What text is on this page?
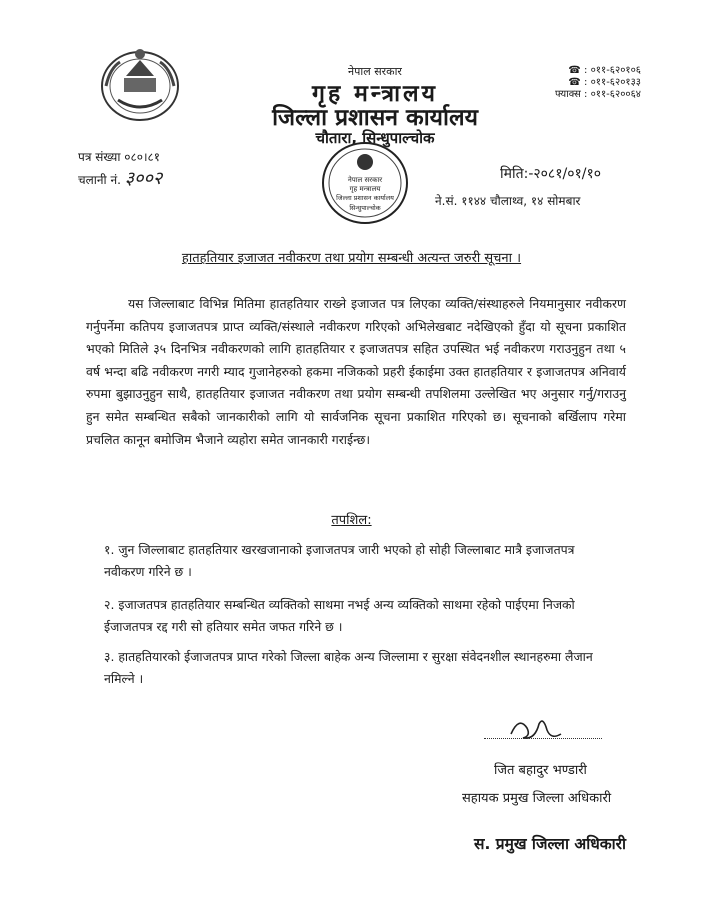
नेपाल सरकार
गृह मन्त्रालय
जिल्ला प्रशासन कार्यालय
चौतारा, सिन्धुपाल्चोक
☎ : ०११-६२०१०६
☎ : ०११-६२०१३३
फ्याक्स : ०११-६२००६४
पत्र संख्या ०८०।८१
चलानी नं. ३००२	नेपाल सरकार
गृह मन्त्रालय
जिल्ला प्रशासन कार्यालय
सिन्धुपाल्चोक
मिति:-२०८१/०१/१०
ने.सं. ११४४ चौलाथ्व, १४ सोमबार
हातहतियार इजाजत नवीकरण तथा प्रयोग सम्बन्धी अत्यन्त जरुरी सूचना ।
यस जिल्लाबाट विभिन्न मितिमा हातहतियार राख्ने इजाजत पत्र लिएका व्यक्ति/संस्थाहरुले नियमानुसार नवीकरण गर्नुपर्नेमा कतिपय इजाजतपत्र प्राप्त व्यक्ति/संस्थाले नवीकरण गरिएको अभिलेखबाट नदेखिएको हुँदा यो सूचना प्रकाशित भएको मितिले ३५ दिनभित्र नवीकरणको लागि हातहतियार र इजाजतपत्र सहित उपस्थित भई नवीकरण गराउनुहुन तथा ५ वर्ष भन्दा बढि नवीकरण नगरी म्याद गुजानेहरुको हकमा नजिकको प्रहरी ईकाईमा उक्त हातहतियार र इजाजतपत्र अनिवार्य रुपमा बुझाउनुहुन साथै, हातहतियार इजाजत नवीकरण तथा प्रयोग सम्बन्धी तपशिलमा उल्लेखित भए अनुसार गर्नु/गराउनु हुन समेत सम्बन्धित सबैको जानकारीको लागि यो सार्वजनिक सूचना प्रकाशित गरिएको छ। सूचनाको बर्खिलाप गरेमा प्रचलित कानून बमोजिम भैजाने व्यहोरा समेत जानकारी गराईन्छ।
तपशिल:
१. जुन जिल्लाबाट हातहतियार खरखजानाको इजाजतपत्र जारी भएको हो सोही जिल्लाबाट मात्रै इजाजतपत्र नवीकरण गरिने छ ।
२. इजाजतपत्र हातहतियार सम्बन्धित व्यक्तिको साथमा नभई अन्य व्यक्तिको साथमा रहेको पाईएमा निजको ईजाजतपत्र रद्द गरी सो हतियार समेत जफत गरिने छ ।
३. हातहतियारको ईजाजतपत्र प्राप्त गरेको जिल्ला बाहेक अन्य जिल्लामा र सुरक्षा संवेदनशील स्थानहरुमा लैजान नमिल्ने ।
जित बहादुर भण्डारी
सहायक प्रमुख जिल्ला अधिकारी
स. प्रमुख जिल्ला अधिकारी
